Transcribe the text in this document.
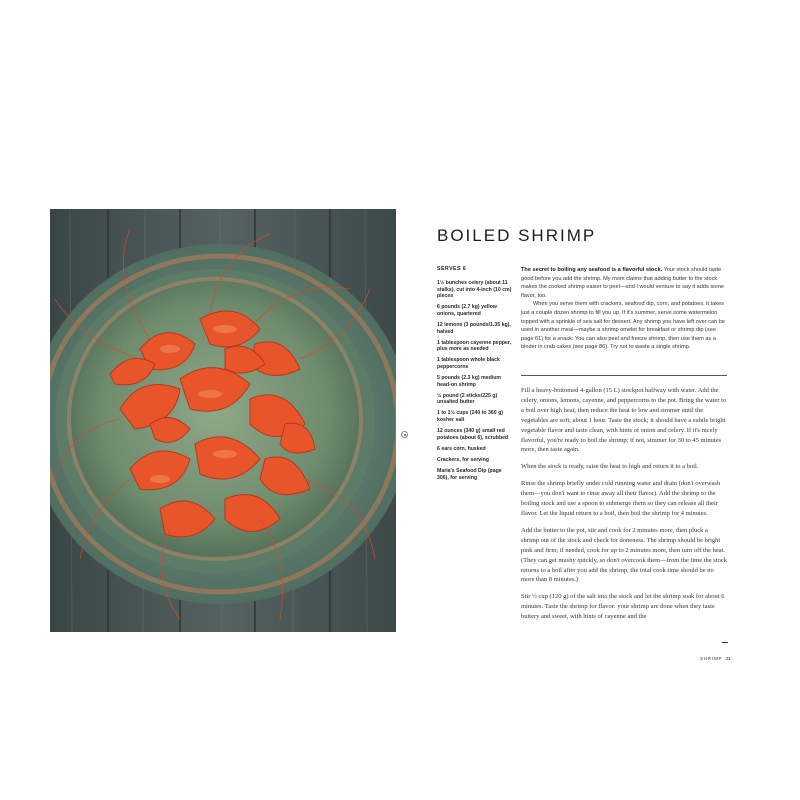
BOILED SHRIMP
SERVES 6
1½ bunches celery (about 11 stalks), cut into 4-inch (10 cm) pieces
6 pounds (2.7 kg) yellow onions, quartered
12 lemons (3 pounds/1.35 kg), halved
1 tablespoon cayenne pepper, plus more as needed
1 tablespoon whole black peppercorns
5 pounds (2.3 kg) medium head-on shrimp
½ pound (2 sticks/225 g) unsalted butter
1 to 1½ cups (240 to 360 g) kosher salt
12 ounces (340 g) small red potatoes (about 6), scrubbed
6 ears corn, husked
Crackers, for serving
Maria's Seafood Dip (page 306), for serving

The secret to boiling any seafood is a flavorful stock. Your stock should taste good before you add the shrimp. My mom claims that adding butter to the stock makes the cooked shrimp easier to peel—and I would venture to say it adds some flavor, too.

When you serve them with crackers, seafood dip, corn, and potatoes, it takes just a couple dozen shrimp to fill you up. If it's summer, serve some watermelon topped with a sprinkle of sea salt for dessert. Any shrimp you have left over can be used in another meal—maybe a shrimp omelet for breakfast or shrimp dip (see page 61) for a snack. You can also peel and freeze shrimp, then use them as a binder in crab cakes (see page 86). Try not to waste a single shrimp.

Fill a heavy-bottomed 4-gallon (15 L) stockpot halfway with water. Add the celery, onions, lemons, cayenne, and peppercorns to the pot. Bring the water to a boil over high heat, then reduce the heat to low and simmer until the vegetables are soft, about 1 hour. Taste the stock; it should have a subtle bright vegetable flavor and taste clean, with hints of onion and celery. If it's nicely flavorful, you're ready to boil the shrimp; if not, simmer for 30 to 45 minutes more, then taste again.

When the stock is ready, raise the heat to high and return it to a boil.

Rinse the shrimp briefly under cold running water and drain (don't overwash them—you don't want to rinse away all their flavor). Add the shrimp to the boiling stock and use a spoon to submerge them so they can release all their flavor. Let the liquid return to a boil, then boil the shrimp for 4 minutes.

Add the butter to the pot, stir and cook for 2 minutes more, then pluck a shrimp out of the stock and check for doneness. The shrimp should be bright pink and firm; if needed, cook for up to 2 minutes more, then turn off the heat. (They can get mushy quickly, so don't overcook them—from the time the stock returns to a boil after you add the shrimp, the total cook time should be no more than 8 minutes.)

Stir ½ cup (120 g) of the salt into the stock and let the shrimp soak for about 6 minutes. Taste the shrimp for flavor: your shrimp are done when they taste buttery and sweet, with hints of cayenne and the

SHRIMP 31
